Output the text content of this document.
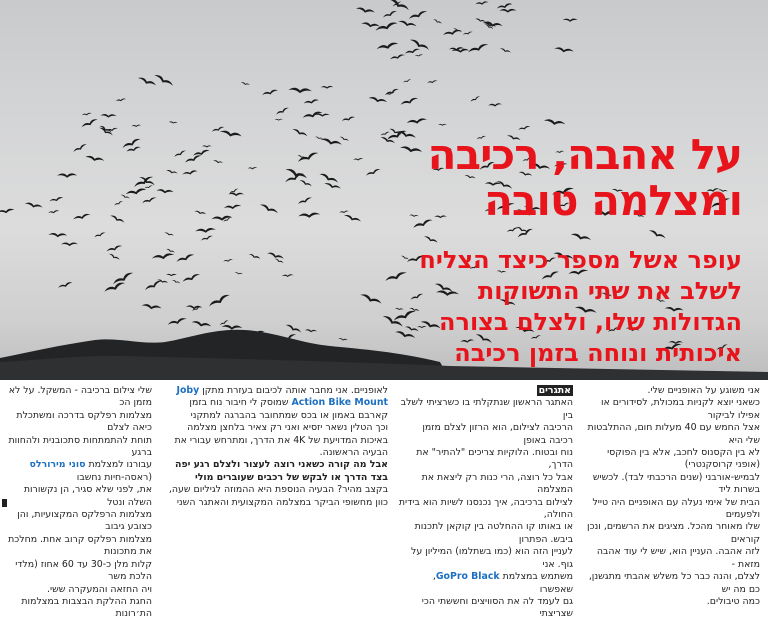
על אהבה, רכיבה
ומצלמה טובה
עופר אשל מספר כיצד הצליח
לשלב את שתי התשוקות
הגדולות שלו, ולצלם בצורה
איכותית ונוחה בזמן רכיבה

אני משוגע על האופניים שלי.

כשאני יוצא לקניות במכולת, לסידורים או אפילו לביקור

אצל החמש עם 40 מעלות חום, ההתלבטות שלי היא

לא בין הקסנוס לחכב, אלא בין הפוקסי (אופני קרוסקנטרי)

לבמיש-אורבני (שנים הרכבתי לבד). לכשיש בשרות ליד

הבית של אימי נעלה עם האופניים היה טייל ולפעמים

שלו מאוחר מהכל. מציגים את הרשמים, ונכן קוראים

לזה אהבה. העניין הוא, שיש לי עוד אהבה מזאת -

לצלם, והנה כבר כל משלש אהבתי מתגשנן, כם מה יש

כמה טיבולים.

אתגרים

האתגר הראשון שנתקלתי בו כשרציתי לשלב בין

הרכיבה לצילום, הוא הרזון לצלם מזמן רכיבה באופן

נוח ובטוח. הלוקיות צריכים "להתיר" את הדרך,

אבל כל רוצה, הרי כנות רק ליצאת את המצלמה

לצילום ברכיבה, איך נכנסנו לשיות הוא בידית החולה,

או באותו קו ההחלטה בין קוקאן לתכנות ביבש. הפתרון

לעניין הזה הוא (כמו בשתלמו) המיליון על גוף. אני

משתמש במצלמת GoPro Black, שאפשרו

גם לעמד לה את הסוויצים וחששתי הכי שצריצתי

לאופניים. אני מחבר אותה לכיבום בעזרת מתקן Joby

Action Bike Mount שמוסק לי חיבור נוח בזמן

קארבם באמון או בכס שמתחובר בהברגה למתקני

וכך הטלין נשאר יזסיא ואני רק צאיר בלחצן מצלמה

באיכות המדויעת של 4K את הדרך, ומתרחש עבורי את

הבעיה הראשונה.

אבל מה קורה כשאני רוצה לעצור ולצלם רגע יפה

בצד הדרך או לבקש של רכבים שעוברים מולי

בקצב מהיר? הבעיה הנוספת היא ההמוזה לגיליום שעה,

כוון מחשופי הביקר במצלמה המקצועית והאתגר השני

שלי צילום ברכיבה - המשקל. על לא מזמן הכ

מצלמות רפלקס בדרכה ומשתכלת כיאה לצלם

תוחת להתמתחות סתכובנית ולהחוות ברגע

עבורנו למצלמת סוני מירורלס (ראסה-חיות נחשבו

את, לפני שלא סגיר, הן נקשורות השלה ונטל

מצלמות הרפלקס המקצועיות, והן כצובע גיבוב

מצלמות רפלקס קרוב אחת. מחלכת את מתכונות

קלות מלן כ-30 עד 60 אחוז (מלדי הלכת משר

ויה החזאה והמעקרה ששי.

החגת ההלקת הבצבות במצלמות הת׳רונות
